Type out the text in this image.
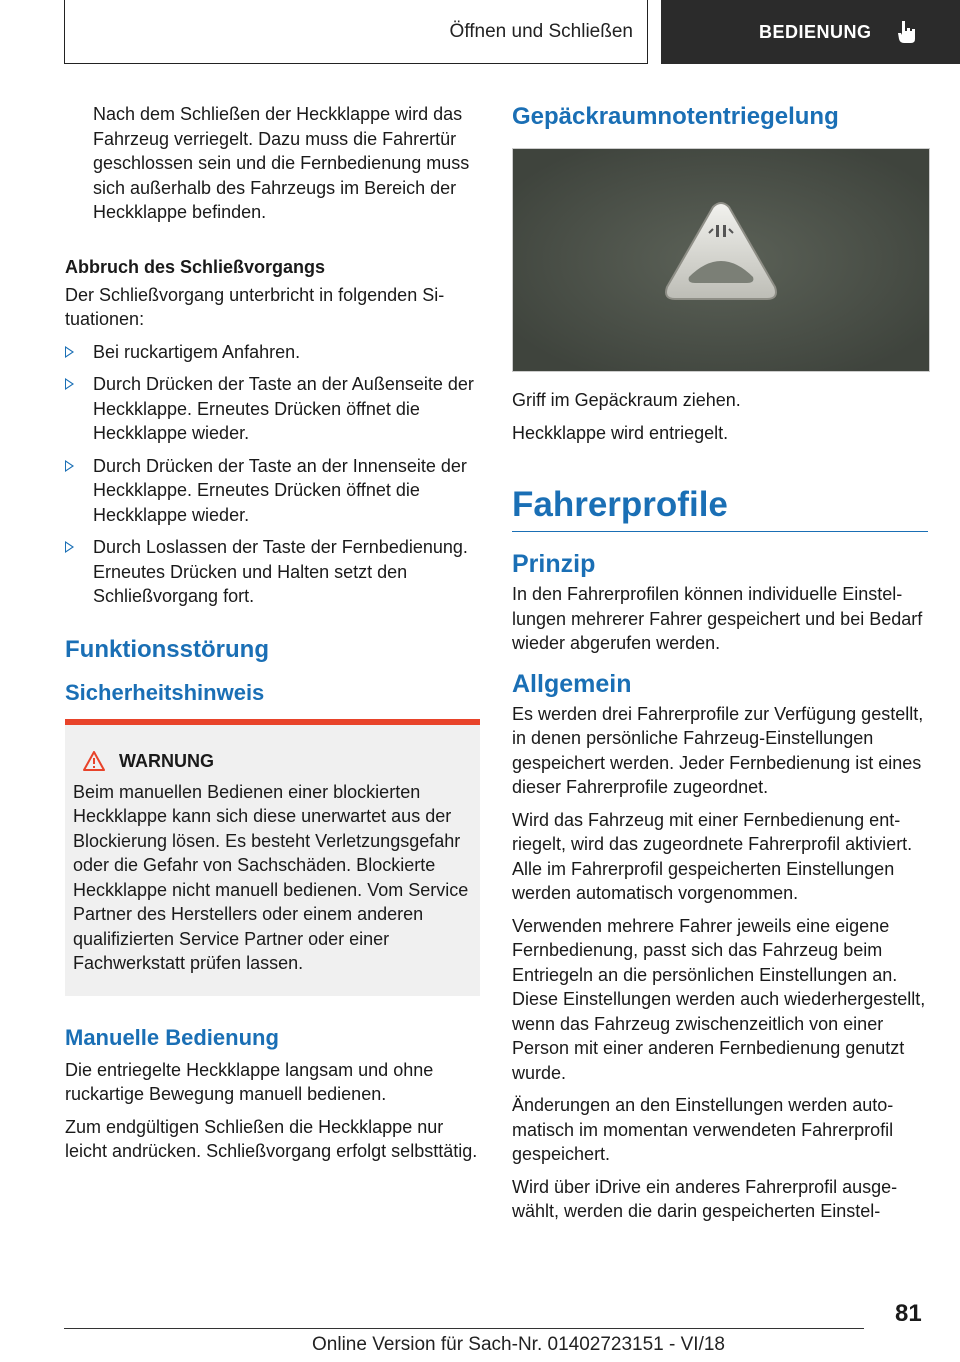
Öffnen und Schließen	BEDIENUNG

Nach dem Schließen der Heckklappe wird das Fahrzeug verriegelt. Dazu muss die Fahrertür geschlossen sein und die Fernbedienung muss sich außerhalb des Fahrzeugs im Bereich der Heckklappe befinden.

Abbruch des Schließvorgangs

Der Schließvorgang unterbricht in folgenden Situationen:

Bei ruckartigem Anfahren.
Durch Drücken der Taste an der Außenseite der Heckklappe. Erneutes Drücken öffnet die Heckklappe wieder.
Durch Drücken der Taste an der Innenseite der Heckklappe. Erneutes Drücken öffnet die Heckklappe wieder.
Durch Loslassen der Taste der Fernbedienung. Erneutes Drücken und Halten setzt den Schließvorgang fort.
Funktionsstörung
Sicherheitshinweis
WARNUNG

Beim manuellen Bedienen einer blockierten Heckklappe kann sich diese unerwartet aus der Blockierung lösen. Es besteht Verletzungsgefahr oder die Gefahr von Sachschäden. Blockierte Heckklappe nicht manuell bedienen. Vom Service Partner des Herstellers oder einem anderen qualifizierten Service Partner oder einer Fachwerkstatt prüfen lassen.

Manuelle Bedienung

Die entriegelte Heckklappe langsam und ohne ruckartige Bewegung manuell bedienen.

Zum endgültigen Schließen die Heckklappe nur leicht andrücken. Schließvorgang erfolgt selbsttätig.

Gepäckraumnotentriegelung

Griff im Gepäckraum ziehen.

Heckklappe wird entriegelt.

Fahrerprofile
Prinzip

In den Fahrerprofilen können individuelle Einstellungen mehrerer Fahrer gespeichert und bei Bedarf wieder abgerufen werden.

Allgemein

Es werden drei Fahrerprofile zur Verfügung gestellt, in denen persönliche Fahrzeug-Einstellungen gespeichert werden. Jeder Fernbedienung ist eines dieser Fahrerprofile zugeordnet.

Wird das Fahrzeug mit einer Fernbedienung entriegelt, wird das zugeordnete Fahrerprofil aktiviert. Alle im Fahrerprofil gespeicherten Einstellungen werden automatisch vorgenommen.

Verwenden mehrere Fahrer jeweils eine eigene Fernbedienung, passt sich das Fahrzeug beim Entriegeln an die persönlichen Einstellungen an. Diese Einstellungen werden auch wiederhergestellt, wenn das Fahrzeug zwischenzeitlich von einer Person mit einer anderen Fernbedienung genutzt wurde.

Änderungen an den Einstellungen werden automatisch im momentan verwendeten Fahrerprofil gespeichert.

Wird über iDrive ein anderes Fahrerprofil ausgewählt, werden die darin gespeicherten Einstel-

81
Online Version für Sach-Nr. 01402723151 - VI/18
